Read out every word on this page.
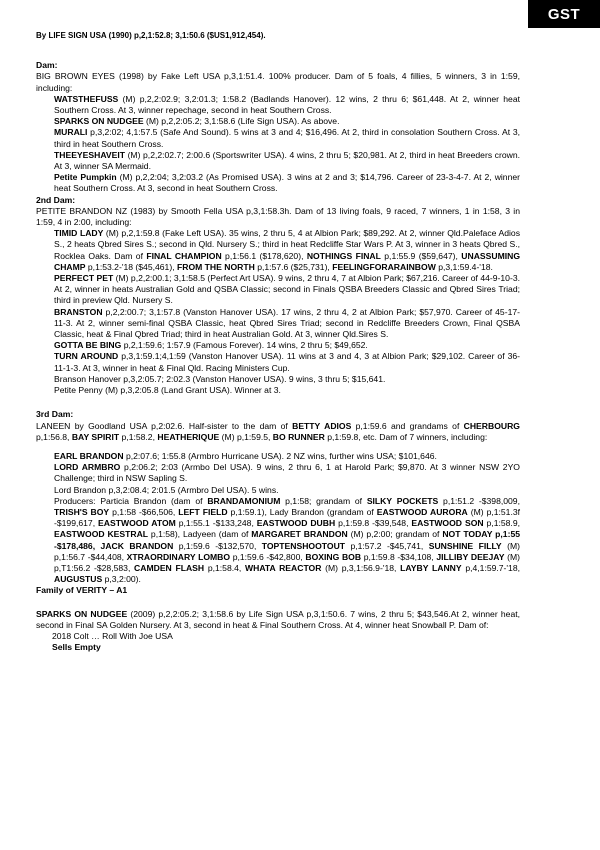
GST

By LIFE SIGN USA (1990) p,2,1:52.8; 3,1:50.6 ($US1,912,454).

Dam:

BIG BROWN EYES (1998) by Fake Left USA p,3,1:51.4. 100% producer. Dam of 5 foals, 4 fillies, 5 winners, 3 in 1:59, including:

WATSTHEFUSS (M) p,2,2:02.9; 3,2:01.3; 1:58.2 (Badlands Hanover). 12 wins, 2 thru 6; $61,448. At 2, winner heat Southern Cross. At 3, winner repechage, second in heat Southern Cross.

SPARKS ON NUDGEE (M) p,2,2:05.2; 3,1:58.6 (Life Sign USA). As above.

MURALI p,3,2:02; 4,1:57.5 (Safe And Sound). 5 wins at 3 and 4; $16,496. At 2, third in consolation Southern Cross. At 3, third in heat Southern Cross.

THEEYESHAVEIT (M) p,2,2:02.7; 2:00.6 (Sportswriter USA). 4 wins, 2 thru 5; $20,981. At 2, third in heat Breeders crown. At 3, winner SA Mermaid.

Petite Pumpkin (M) p,2,2:04; 3,2:03.2 (As Promised USA). 3 wins at 2 and 3; $14,796. Career of 23-3-4-7. At 2, winner heat Southern Cross. At 3, second in heat Southern Cross.

2nd Dam:

PETITE BRANDON NZ (1983) by Smooth Fella USA p,3,1:58.3h. Dam of 13 living foals, 9 raced, 7 winners, 1 in 1:58, 3 in 1:59, 4 in 2:00, including:

TIMID LADY (M) p,2,1:59.8 (Fake Left USA). 35 wins, 2 thru 5, 4 at Albion Park; $89,292. At 2, winner Qld.Paleface Adios S., 2 heats Qbred Sires S.; second in Qld. Nursery S.; third in heat Redcliffe Star Wars P. At 3, winner in 3 heats Qbred S., Rocklea Oaks. Dam of FINAL CHAMPION p,1:56.1 ($178,620), NOTHINGS FINAL p,1:55.9 ($59,647), UNASSUMING CHAMP p,1:53.2-'18 ($45,461), FROM THE NORTH p,1:57.6 ($25,731), FEELINGFORARAINBOW p,3,1:59.4-'18.

PERFECT PET (M) p,2,2:00.1; 3,1:58.5 (Perfect Art USA). 9 wins, 2 thru 4, 7 at Albion Park; $67,216. Career of 44-9-10-3. At 2, winner in heats Australian Gold and QSBA Classic; second in Finals QSBA Breeders Classic and Qbred Sires Triad; third in preview Qld. Nursery S.

BRANSTON p,2,2:00.7; 3,1:57.8 (Vanston Hanover USA). 17 wins, 2 thru 4, 2 at Albion Park; $57,970. Career of 45-17-11-3. At 2, winner semi-final QSBA Classic, heat Qbred Sires Triad; second in Redcliffe Breeders Crown, Final QSBA Classic, heat & Final Qbred Triad; third in heat Australian Gold. At 3, winner Qld.Sires S.

GOTTA BE BING p,2,1:59.6; 1:57.9 (Famous Forever). 14 wins, 2 thru 5; $49,652.

TURN AROUND p,3,1:59.1;4,1:59 (Vanston Hanover USA). 11 wins at 3 and 4, 3 at Albion Park; $29,102. Career of 36-11-1-3. At 3, winner in heat & Final Qld. Racing Ministers Cup.

Branson Hanover p,3,2:05.7; 2:02.3 (Vanston Hanover USA). 9 wins, 3 thru 5; $15,641.

Petite Penny (M) p,3,2:05.8 (Land Grant USA). Winner at 3.

3rd Dam:

LANEEN by Goodland USA p,2:02.6. Half-sister to the dam of BETTY ADIOS p,1:59.6 and grandams of CHERBOURG p,1:56.8, BAY SPIRIT p,1:58.2, HEATHERIQUE (M) p,1:59.5, BO RUNNER p,1:59.8, etc. Dam of 7 winners, including:

EARL BRANDON p,2:07.6; 1:55.8 (Armbro Hurricane USA). 2 NZ wins, further wins USA; $101,646.

LORD ARMBRO p,2:06.2; 2:03 (Armbo Del USA). 9 wins, 2 thru 6, 1 at Harold Park; $9,870. At 3 winner NSW 2YO Challenge; third in NSW Sapling S.

Lord Brandon p,3,2:08.4; 2:01.5 (Armbro Del USA). 5 wins.

Producers: Particia Brandon (dam of BRANDAMONIUM p,1:58; grandam of SILKY POCKETS p,1:51.2 -$398,009, TRISH'S BOY p,1:58 -$66,506, LEFT FIELD p,1:59.1), Lady Brandon (grandam of EASTWOOD AURORA (M) p,1:51.3f -$199,617, EASTWOOD ATOM p,1:55.1 -$133,248, EASTWOOD DUBH p,1:59.8 -$39,548, EASTWOOD SON p,1:58.9, EASTWOOD KESTRAL p,1:58), Ladyeen (dam of MARGARET BRANDON (M) p,2:00; grandam of NOT TODAY p,1:55 -$178,486, JACK BRANDON p,1:59.6 -$132,570, TOPTENSHOOTOUT p,1:57.2 -$45,741, SUNSHINE FILLY (M) p,1:56.7 -$44,408, XTRAORDINARY LOMBO p,1:59.6 -$42,800, BOXING BOB p,1:59.8 -$34,108, JILLIBY DEEJAY (M) p,T1:56.2 -$28,583, CAMDEN FLASH p,1:58.4, WHATA REACTOR (M) p,3,1:56.9-'18, LAYBY LANNY p,4,1:59.7-'18, AUGUSTUS p,3,2:00).

Family of VERITY – A1

SPARKS ON NUDGEE (2009) p,2,2:05.2; 3,1:58.6 by Life Sign USA p,3,1:50.6. 7 wins, 2 thru 5; $43,546.At 2, winner heat, second in Final SA Golden Nursery. At 3, second in heat & Final Southern Cross. At 4, winner heat Snowball P. Dam of:

2018 Colt … Roll With Joe USA

Sells Empty
